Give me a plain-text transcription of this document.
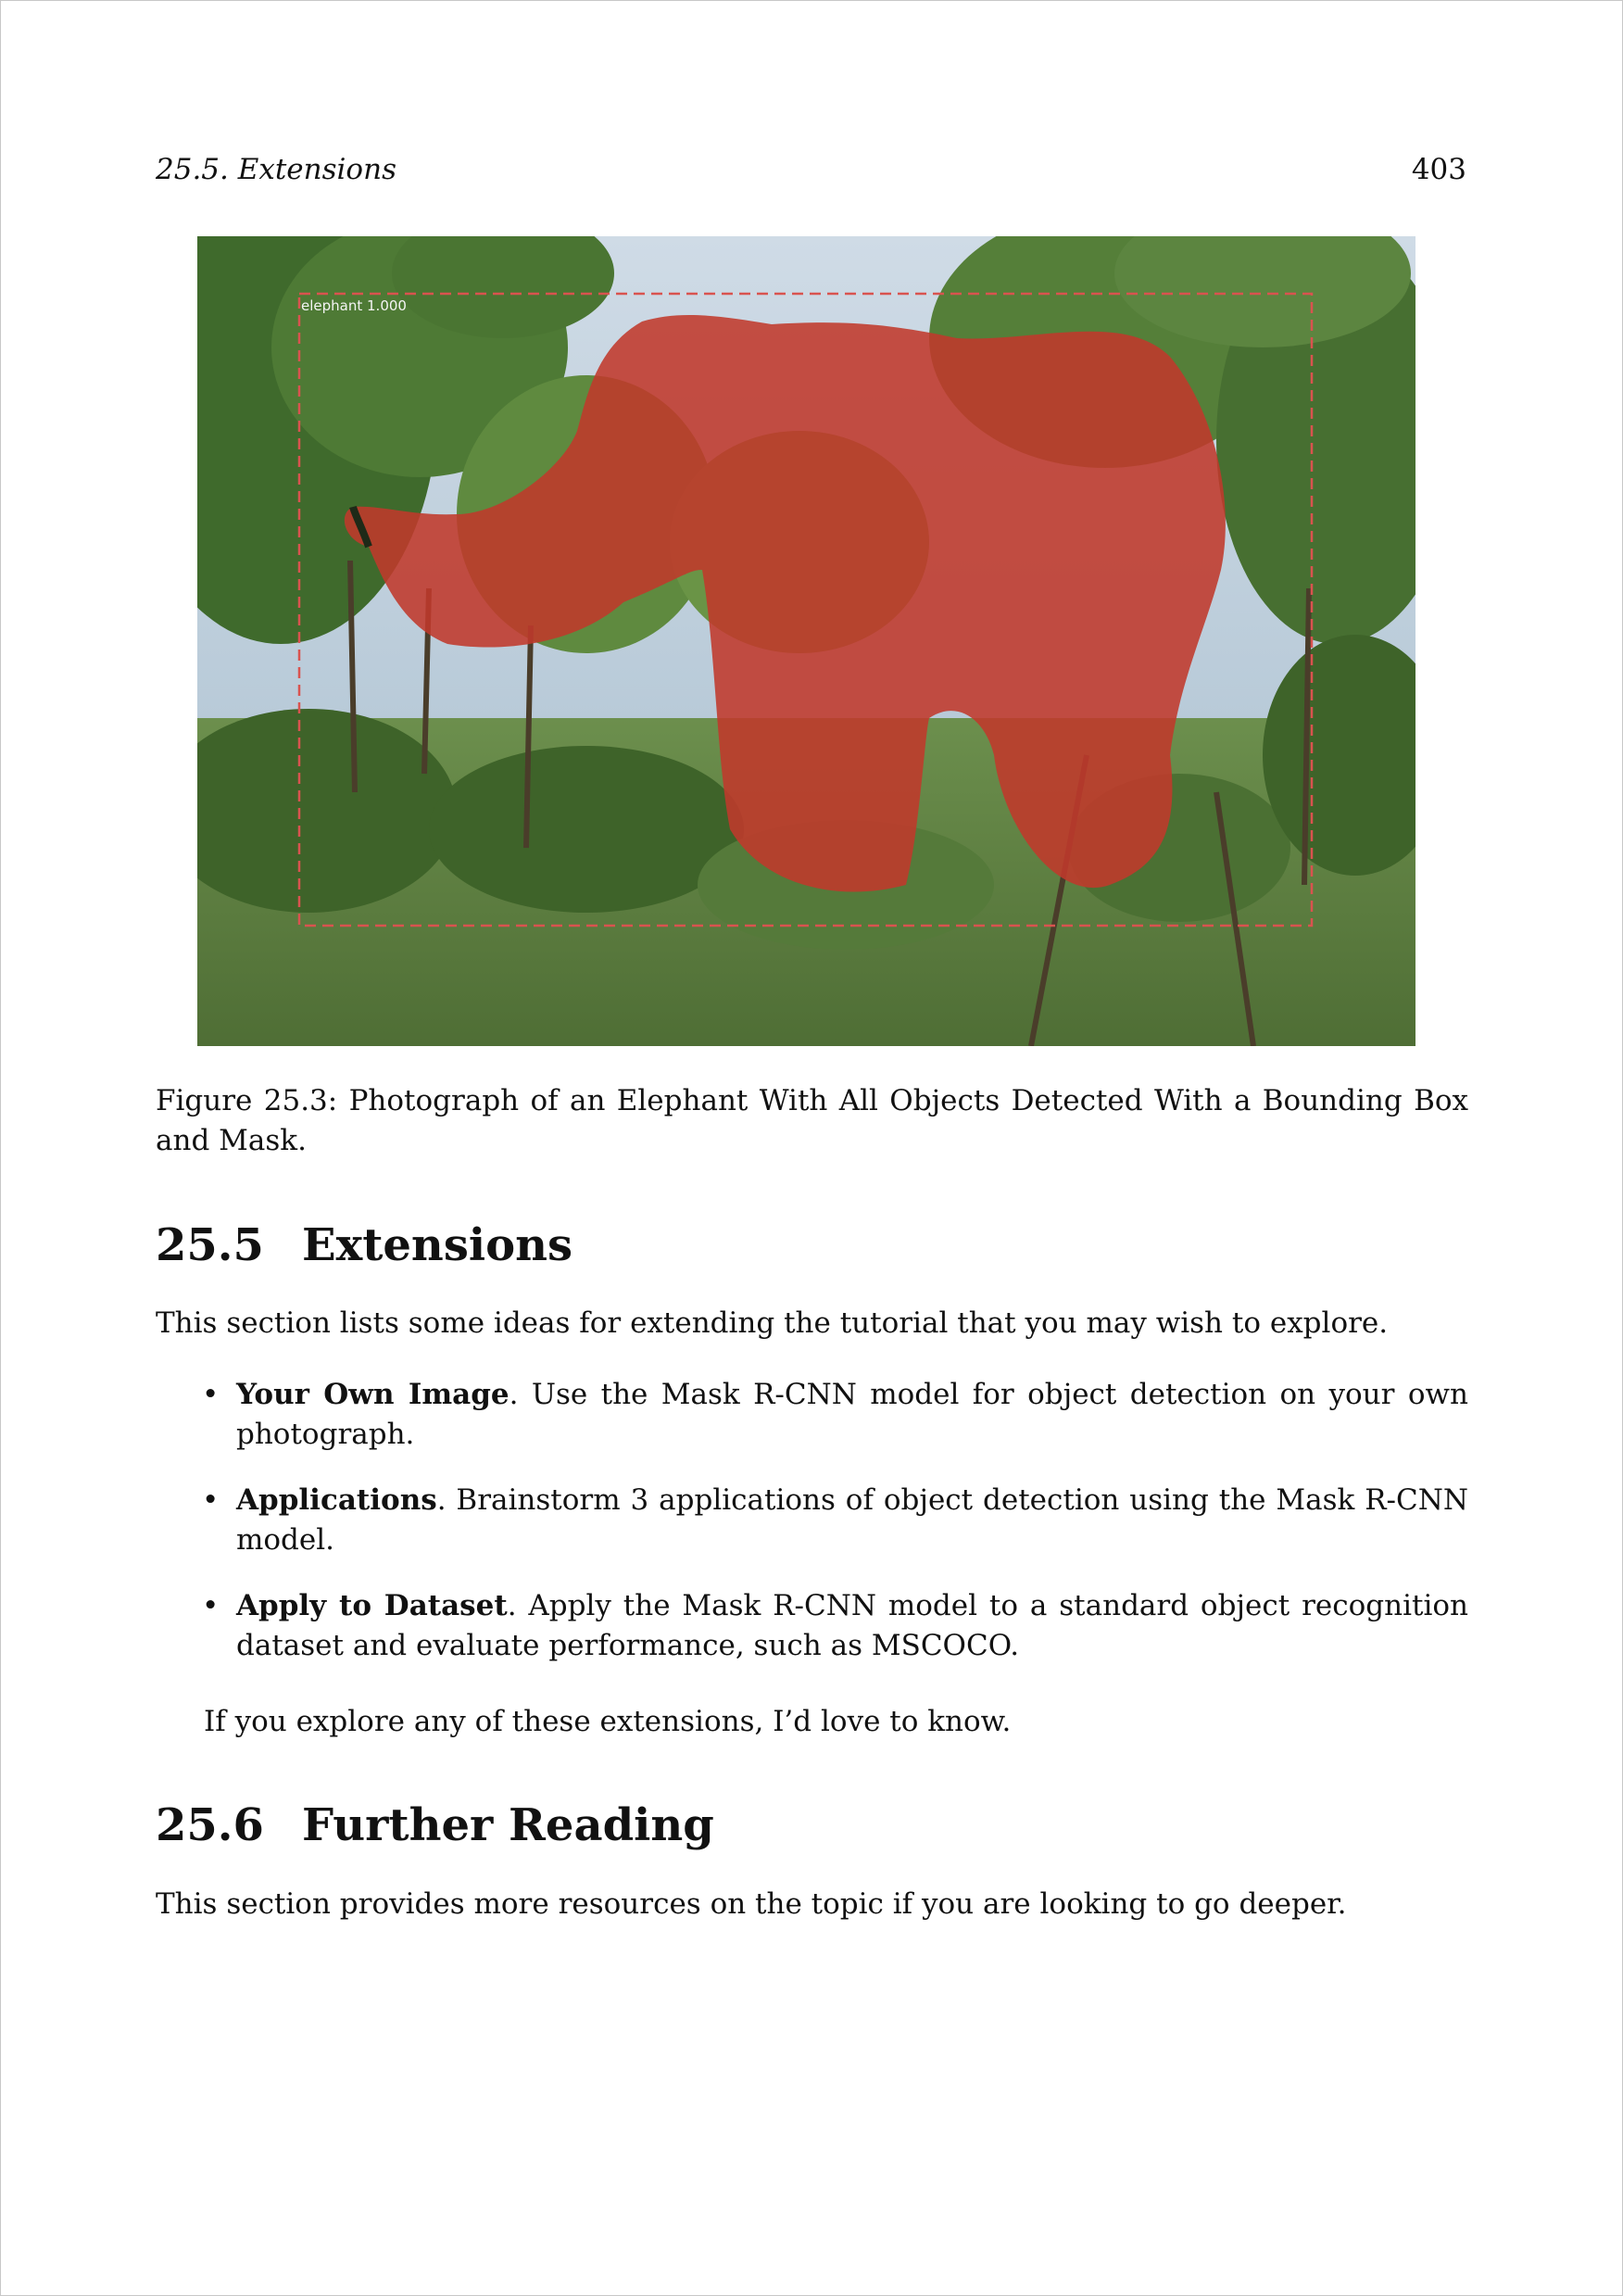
25.5. Extensions	403
elephant 1.000
Figure 25.3: Photograph of an Elephant With All Objects Detected With a Bounding Box and Mask.
25.5 Extensions

This section lists some ideas for extending the tutorial that you may wish to explore.

• Your Own Image. Use the Mask R-CNN model for object detection on your own photograph.
• Applications. Brainstorm 3 applications of object detection using the Mask R-CNN model.
• Apply to Dataset. Apply the Mask R-CNN model to a standard object recognition dataset and evaluate performance, such as MSCOCO.

If you explore any of these extensions, I’d love to know.

25.6 Further Reading

This section provides more resources on the topic if you are looking to go deeper.
